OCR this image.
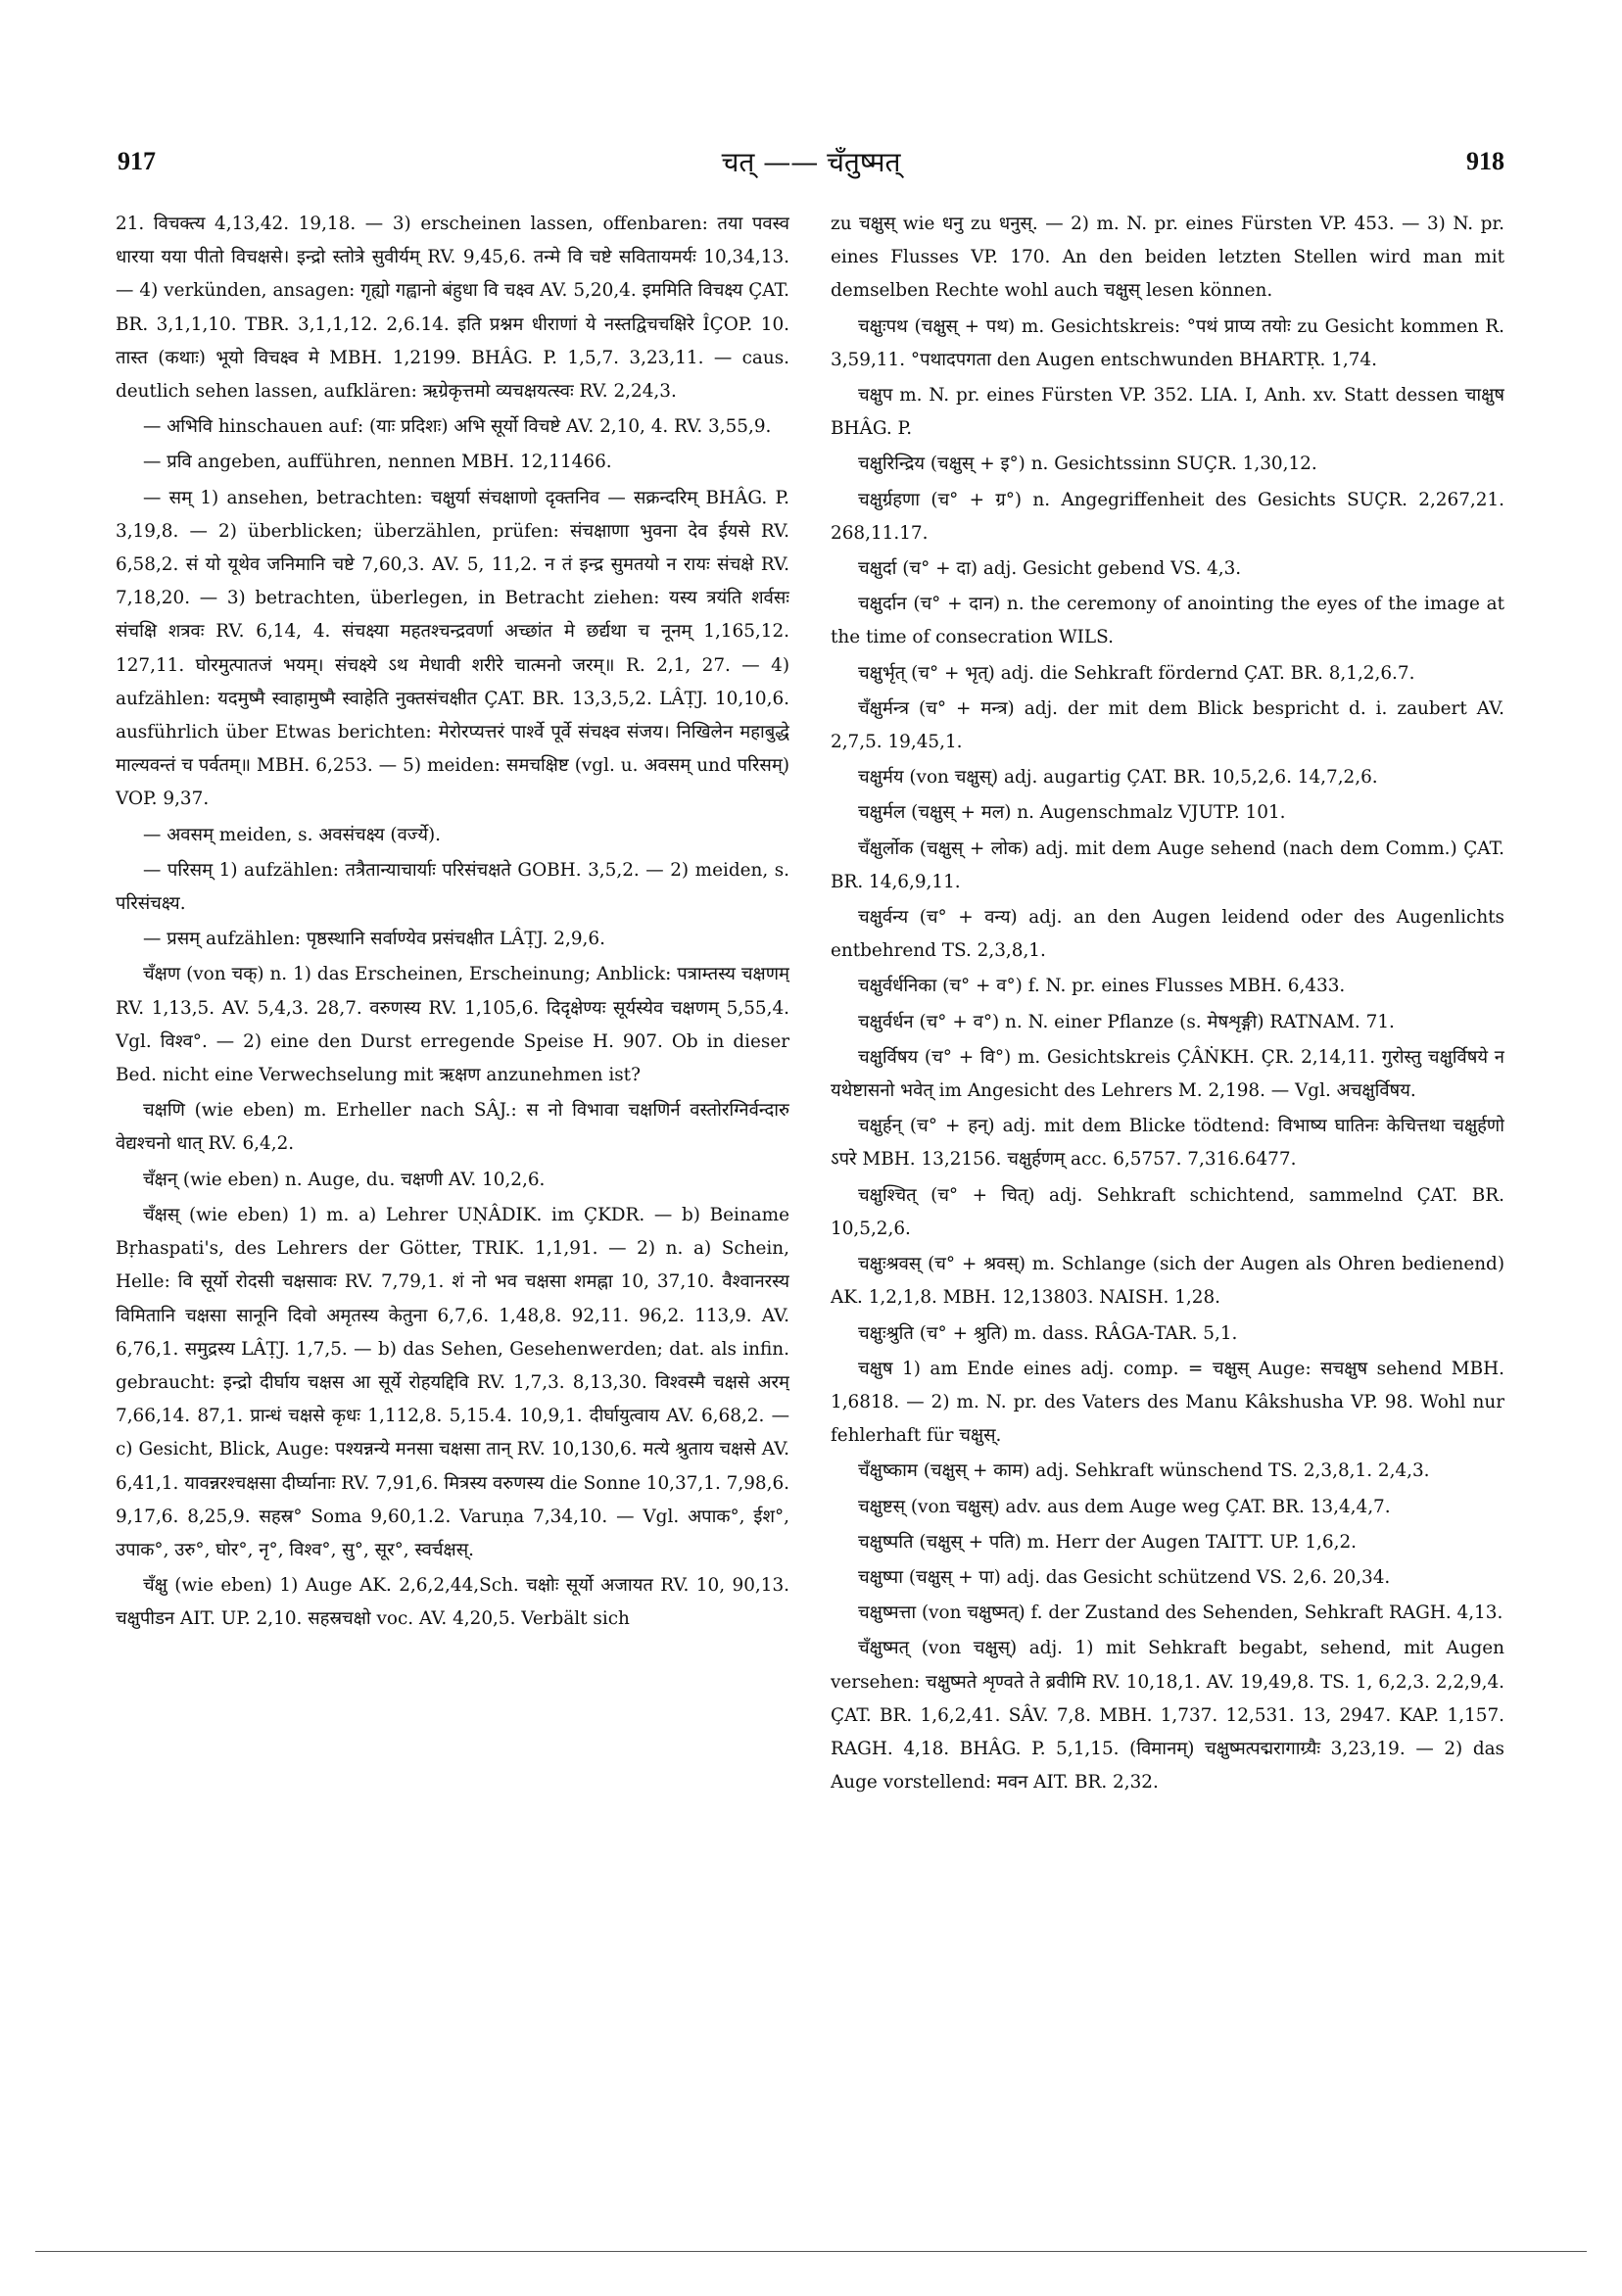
917	चत् —— चँतुष्मत्	918

21. विचक्त्य 4,13,42. 19,18. — 3) erscheinen lassen, offenbaren: तया पवस्व धारया यया पीतो विचक्षसे। इन्द्रो स्तोत्रे सुवीर्यम् RV. 9,45,6. तन्मे वि चष्टे सवितायमर्यः 10,34,13. — 4) verkünden, ansagen: गृह्यो गह्वानो बंहुधा वि चक्ष्व AV. 5,20,4. इममिति विचक्ष्य ÇAT. BR. 3,1,1,10. TBR. 3,1,1,12. 2,6.14. इति प्रश्नम धीराणां ये नस्तद्विचचक्षिरे ÎÇOP. 10. तास्त (कथाः) भूयो विचक्ष्व मे MBH. 1,2199. BHÂG. P. 1,5,7. 3,23,11. — caus. deutlich sehen lassen, aufklären: ऋग्रेकृत्तमो व्यचक्षयत्स्वः RV. 2,24,3.

— अभिवि hinschauen auf: (याः प्रदिशः) अभि सूर्यो विचष्टे AV. 2,10, 4. RV. 3,55,9.

— प्रवि angeben, aufführen, nennen MBH. 12,11466.

— सम् 1) ansehen, betrachten: चक्षुर्या संचक्षाणो दृक्तनिव — सक्रन्दरिम् BHÂG. P. 3,19,8. — 2) überblicken; überzählen, prüfen: संचक्षाणा भुवना देव ईयसे RV. 6,58,2. सं यो यूथेव जनिमानि चष्टे 7,60,3. AV. 5, 11,2. न तं इन्द्र सुमतयो न रायः संचक्षे RV. 7,18,20. — 3) betrachten, überlegen, in Betracht ziehen: यस्य त्रयंति शर्वसः संचक्षि शत्रवः RV. 6,14, 4. संचक्ष्या महतश्चन्द्रवर्णा अच्छांत मे छर्द्यथा च नूनम् 1,165,12. 127,11. घोरमुत्पातजं भयम्। संचक्ष्ये ऽथ मेधावी शरीरे चात्मनो जरम्॥ R. 2,1, 27. — 4) aufzählen: यदमुष्मै स्वाहामुष्मै स्वाहेति नुक्तसंचक्षीत ÇAT. BR. 13,3,5,2. LÂṬJ. 10,10,6. ausführlich über Etwas berichten: मेरोरप्यत्तरं पार्श्वे पूर्वे संचक्ष्व संजय। निखिलेन महाबुद्धे माल्यवन्तं च पर्वतम्॥ MBH. 6,253. — 5) meiden: समचक्षिष्ट (vgl. u. अवसम् und परिसम्) VOP. 9,37.

— अवसम् meiden, s. अवसंचक्ष्य (वर्ज्ये).

— परिसम् 1) aufzählen: तत्रैतान्याचार्याः परिसंचक्षते GOBH. 3,5,2. — 2) meiden, s. परिसंचक्ष्य.

— प्रसम् aufzählen: पृष्ठस्थानि सर्वाण्येव प्रसंचक्षीत LÂṬJ. 2,9,6.

चँक्षण (von चक्) n. 1) das Erscheinen, Erscheinung; Anblick: पत्राम्तस्य चक्षणम् RV. 1,13,5. AV. 5,4,3. 28,7. वरुणस्य RV. 1,105,6. दिदृक्षेण्यः सूर्यस्येव चक्षणम् 5,55,4. Vgl. विश्व°. — 2) eine den Durst erregende Speise H. 907. Ob in dieser Bed. nicht eine Verwechselung mit ऋक्षण anzunehmen ist?

चक्षणि (wie eben) m. Erheller nach SÂJ.: स नो विभावा चक्षणिर्न वस्तोरग्निर्वन्दारु वेद्यश्चनो धात् RV. 6,4,2.

चँक्षन् (wie eben) n. Auge, du. चक्षणी AV. 10,2,6.

चँक्षस् (wie eben) 1) m. a) Lehrer UṆÂDIK. im ÇKDR. — b) Beiname Bṛhaspati's, des Lehrers der Götter, TRIK. 1,1,91. — 2) n. a) Schein, Helle: वि सूर्यो रोदसी चक्षसावः RV. 7,79,1. शं नो भव चक्षसा शमह्ना 10, 37,10. वैश्वानरस्य विमितानि चक्षसा सानूनि दिवो अमृतस्य केतुना 6,7,6. 1,48,8. 92,11. 96,2. 113,9. AV. 6,76,1. समुद्रस्य LÂṬJ. 1,7,5. — b) das Sehen, Gesehenwerden; dat. als infin. gebraucht: इन्द्रो दीर्घाय चक्षस आ सूर्ये रोहयद्दिवि RV. 1,7,3. 8,13,30. विश्वस्मै चक्षसे अरम् 7,66,14. 87,1. प्रान्धं चक्षसे कृधः 1,112,8. 5,15.4. 10,9,1. दीर्घायुत्वाय AV. 6,68,2. — c) Gesicht, Blick, Auge: पश्यन्नन्ये मनसा चक्षसा तान् RV. 10,130,6. मत्ये श्रुताय चक्षसे AV. 6,41,1. यावन्नरश्चक्षसा दीर्घ्यानाः RV. 7,91,6. मित्रस्य वरुणस्य die Sonne 10,37,1. 7,98,6. 9,17,6. 8,25,9. सहस्र° Soma 9,60,1.2. Varuṇa 7,34,10. — Vgl. अपाक°, ईश°, उपाक°, उरु°, घोर°, नृ°, विश्व°, सु°, सूर°, स्वर्चक्षस्.

चँक्षु (wie eben) 1) Auge AK. 2,6,2,44,Sch. चक्षोः सूर्यो अजायत RV. 10, 90,13. चक्षुपीडन AIT. UP. 2,10. सहस्रचक्षो voc. AV. 4,20,5. Verbält sich

zu चक्षुस् wie धनु zu धनुस्. — 2) m. N. pr. eines Fürsten VP. 453. — 3) N. pr. eines Flusses VP. 170. An den beiden letzten Stellen wird man mit demselben Rechte wohl auch चक्षुस् lesen können.

चक्षुःपथ (चक्षुस् + पथ) m. Gesichtskreis: °पथं प्राप्य तयोः zu Gesicht kommen R. 3,59,11. °पथादपगता den Augen entschwunden BHARTṚ. 1,74.

चक्षुप m. N. pr. eines Fürsten VP. 352. LIA. I, Anh. xv. Statt dessen चाक्षुष BHÂG. P.

चक्षुरिन्द्रिय (चक्षुस् + इ°) n. Gesichtssinn SUÇR. 1,30,12.

चक्षुर्ग्रहणा (च° + ग्र°) n. Angegriffenheit des Gesichts SUÇR. 2,267,21. 268,11.17.

चक्षुर्दा (च° + दा) adj. Gesicht gebend VS. 4,3.

चक्षुर्दान (च° + दान) n. the ceremony of anointing the eyes of the image at the time of consecration WILS.

चक्षुर्भृत् (च° + भृत्) adj. die Sehkraft fördernd ÇAT. BR. 8,1,2,6.7.

चँक्षुर्मन्त्र (च° + मन्त्र) adj. der mit dem Blick bespricht d. i. zaubert AV. 2,7,5. 19,45,1.

चक्षुर्मय (von चक्षुस्) adj. augartig ÇAT. BR. 10,5,2,6. 14,7,2,6.

चक्षुर्मल (चक्षुस् + मल) n. Augenschmalz VJUTP. 101.

चँक्षुर्लोक (चक्षुस् + लोक) adj. mit dem Auge sehend (nach dem Comm.) ÇAT. BR. 14,6,9,11.

चक्षुर्वन्य (च° + वन्य) adj. an den Augen leidend oder des Augenlichts entbehrend TS. 2,3,8,1.

चक्षुर्वर्धनिका (च° + व°) f. N. pr. eines Flusses MBH. 6,433.

चक्षुर्वर्धन (च° + व°) n. N. einer Pflanze (s. मेषशृङ्गी) RATNAM. 71.

चक्षुर्विषय (च° + वि°) m. Gesichtskreis ÇÂṄKH. ÇR. 2,14,11. गुरोस्तु चक्षुर्विषये न यथेष्टासनो भवेत् im Angesicht des Lehrers M. 2,198. — Vgl. अचक्षुर्विषय.

चक्षुर्हन् (च° + हन्) adj. mit dem Blicke tödtend: विभाष्य घातिनः केचित्तथा चक्षुर्हणो ऽपरे MBH. 13,2156. चक्षुर्हणम् acc. 6,5757. 7,316.6477.

चक्षुश्चित् (च° + चित्) adj. Sehkraft schichtend, sammelnd ÇAT. BR. 10,5,2,6.

चक्षुःश्रवस् (च° + श्रवस्) m. Schlange (sich der Augen als Ohren bedienend) AK. 1,2,1,8. MBH. 12,13803. NAISH. 1,28.

चक्षुःश्रुति (च° + श्रुति) m. dass. RÂGA-TAR. 5,1.

चक्षुष 1) am Ende eines adj. comp. = चक्षुस् Auge: सचक्षुष sehend MBH. 1,6818. — 2) m. N. pr. des Vaters des Manu Kâkshusha VP. 98. Wohl nur fehlerhaft für चक्षुस्.

चँक्षुष्काम (चक्षुस् + काम) adj. Sehkraft wünschend TS. 2,3,8,1. 2,4,3.

चक्षुष्टस् (von चक्षुस्) adv. aus dem Auge weg ÇAT. BR. 13,4,4,7.

चक्षुष्पति (चक्षुस् + पति) m. Herr der Augen TAITT. UP. 1,6,2.

चक्षुष्पा (चक्षुस् + पा) adj. das Gesicht schützend VS. 2,6. 20,34.

चक्षुष्मत्ता (von चक्षुष्मत्) f. der Zustand des Sehenden, Sehkraft RAGH. 4,13.

चँक्षुष्मत् (von चक्षुस्) adj. 1) mit Sehkraft begabt, sehend, mit Augen versehen: चक्षुष्मते शृण्वते ते ब्रवीमि RV. 10,18,1. AV. 19,49,8. TS. 1, 6,2,3. 2,2,9,4. ÇAT. BR. 1,6,2,41. SÂV. 7,8. MBH. 1,737. 12,531. 13, 2947. KAP. 1,157. RAGH. 4,18. BHÂG. P. 5,1,15. (विमानम्) चक्षुष्मत्पद्मरागाग्र्यैः 3,23,19. — 2) das Auge vorstellend: मवन AIT. BR. 2,32.
